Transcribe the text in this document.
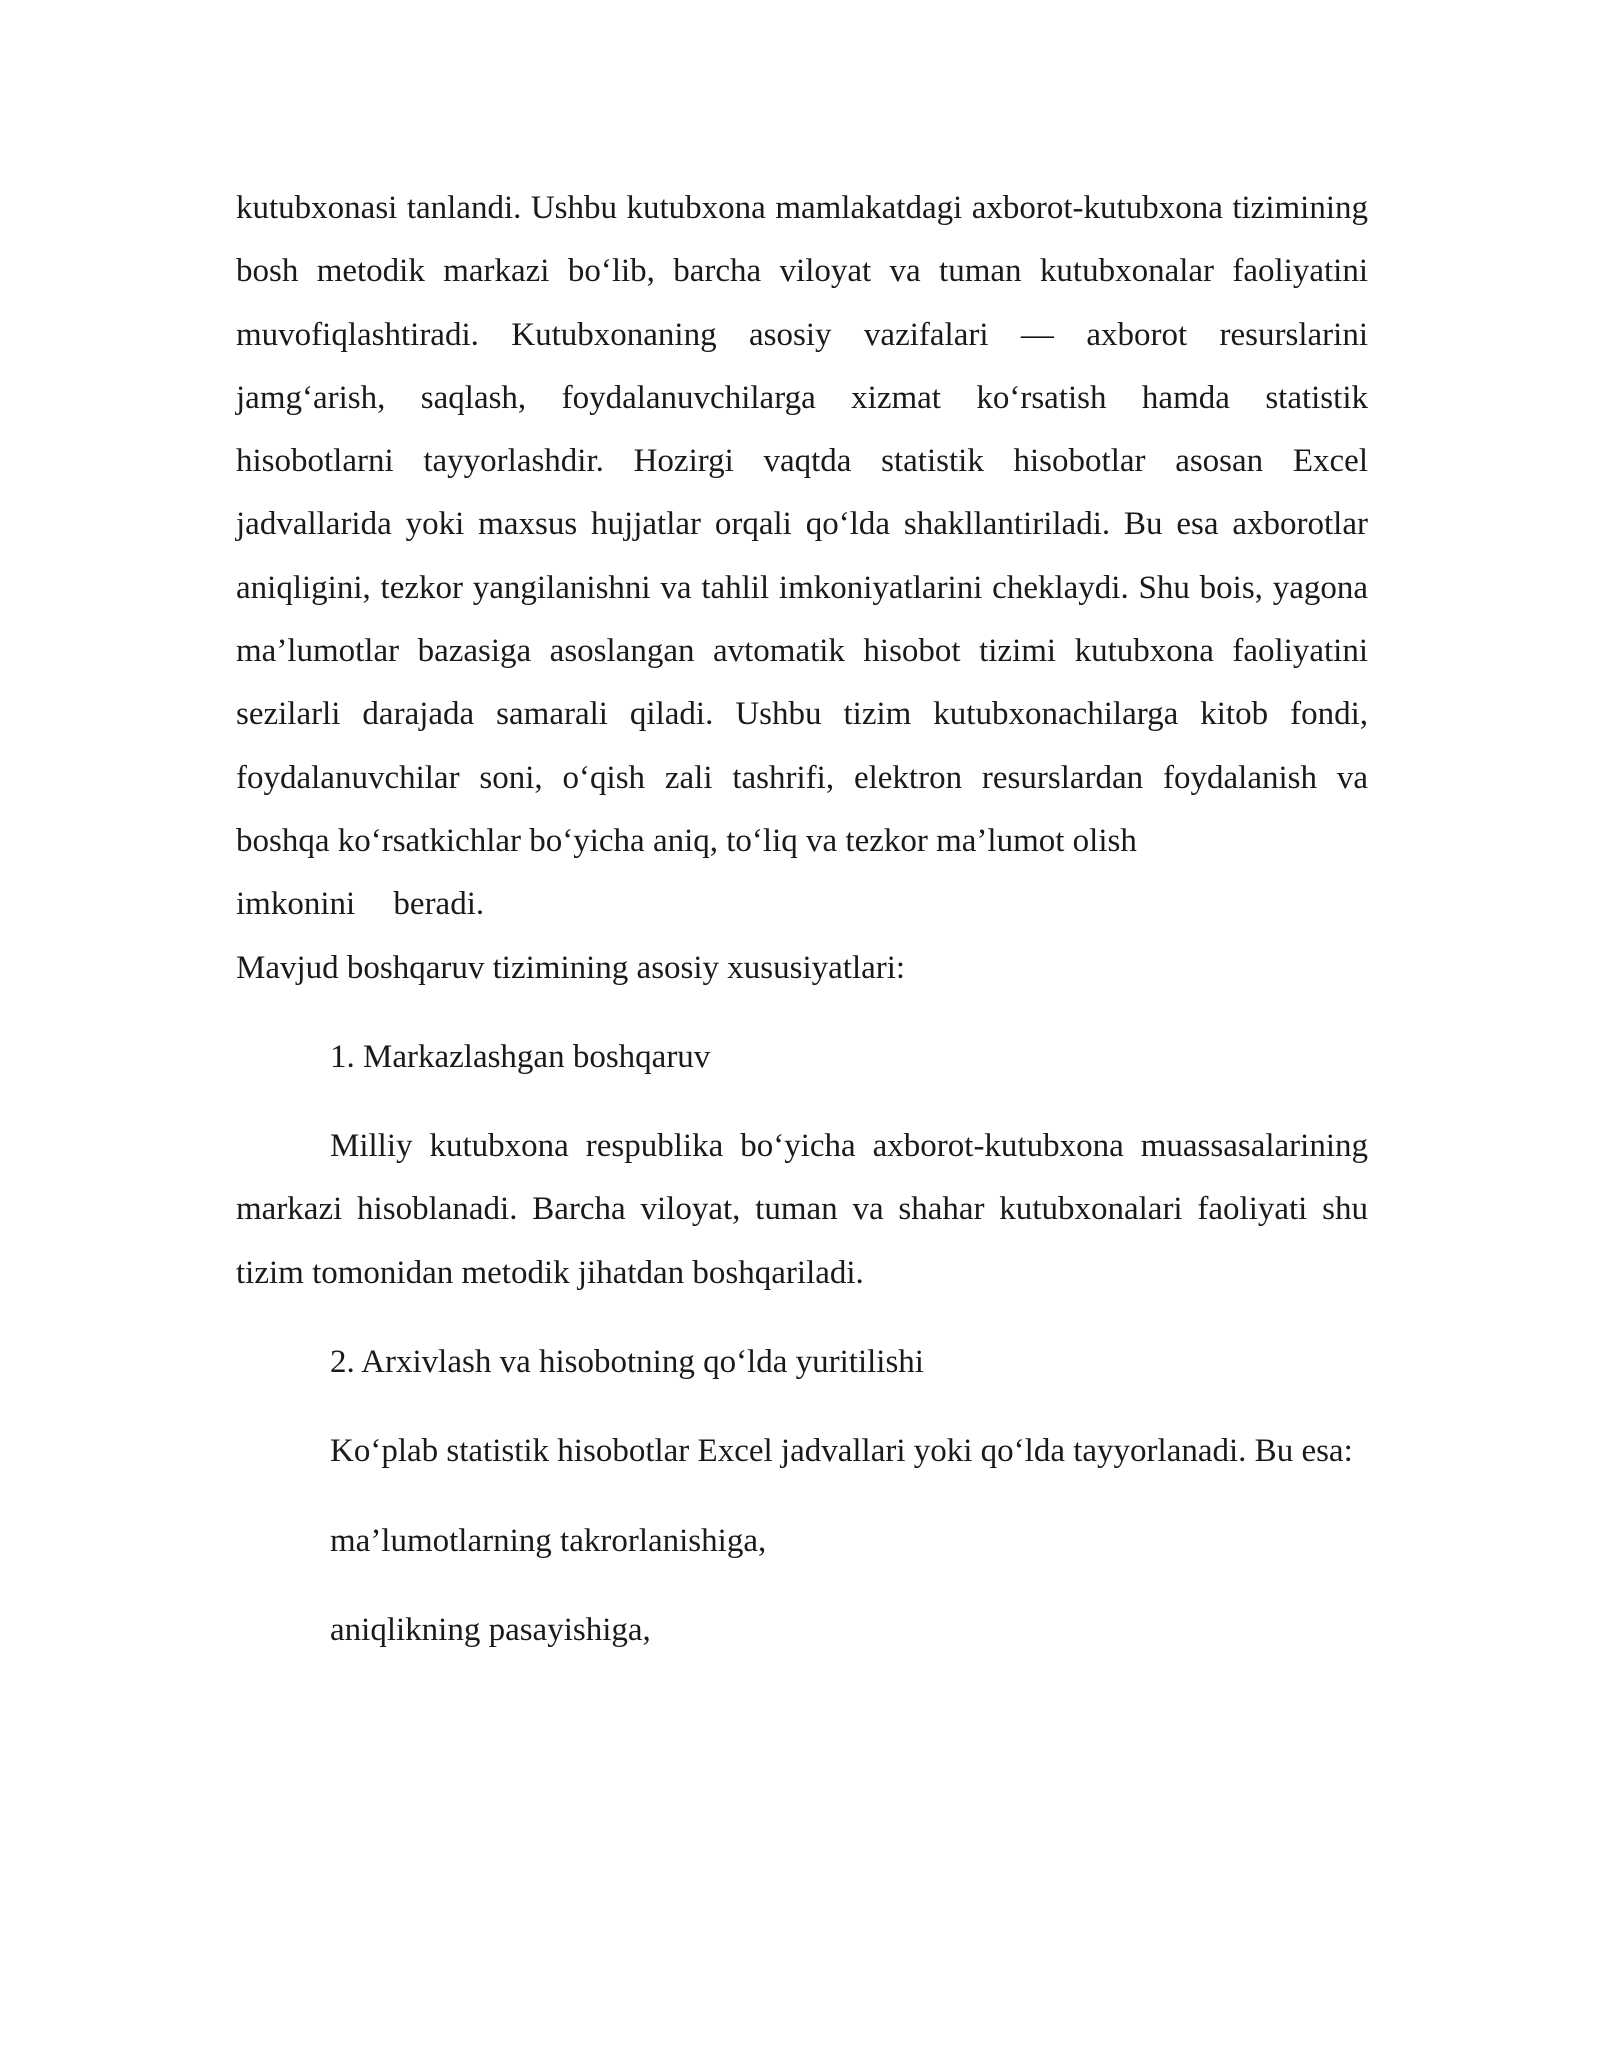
kutubxonasi tanlandi. Ushbu kutubxona mamlakatdagi axborot-kutubxona tizimining bosh metodik markazi bo‘lib, barcha viloyat va tuman kutubxonalar faoliyatini muvofiqlashtiradi. Kutubxonaning asosiy vazifalari — axborot resurslarini jamg‘arish, saqlash, foydalanuvchilarga xizmat ko‘rsatish hamda statistik hisobotlarni tayyorlashdir. Hozirgi vaqtda statistik hisobotlar asosan Excel jadvallarida yoki maxsus hujjatlar orqali qo‘lda shakllantiriladi. Bu esa axborotlar aniqligini, tezkor yangilanishni va tahlil imkoniyatlarini cheklaydi. Shu bois, yagona ma’lumotlar bazasiga asoslangan avtomatik hisobot tizimi kutubxona faoliyatini sezilarli darajada samarali qiladi. Ushbu tizim kutubxonachilarga kitob fondi, foydalanuvchilar soni, o‘qish zali tashrifi, elektron resurslardan foydalanish va boshqa ko‘rsatkichlar bo‘yicha aniq, to‘liq va tezkor ma’lumot olish

imkonini beradi.

Mavjud boshqaruv tizimining asosiy xususiyatlari:

1. Markazlashgan boshqaruv

Milliy kutubxona respublika bo‘yicha axborot-kutubxona muassasalarining markazi hisoblanadi. Barcha viloyat, tuman va shahar kutubxonalari faoliyati shu tizim tomonidan metodik jihatdan boshqariladi.

2. Arxivlash va hisobotning qo‘lda yuritilishi

Ko‘plab statistik hisobotlar Excel jadvallari yoki qo‘lda tayyorlanadi. Bu esa:

ma’lumotlarning takrorlanishiga,

aniqlikning pasayishiga,
